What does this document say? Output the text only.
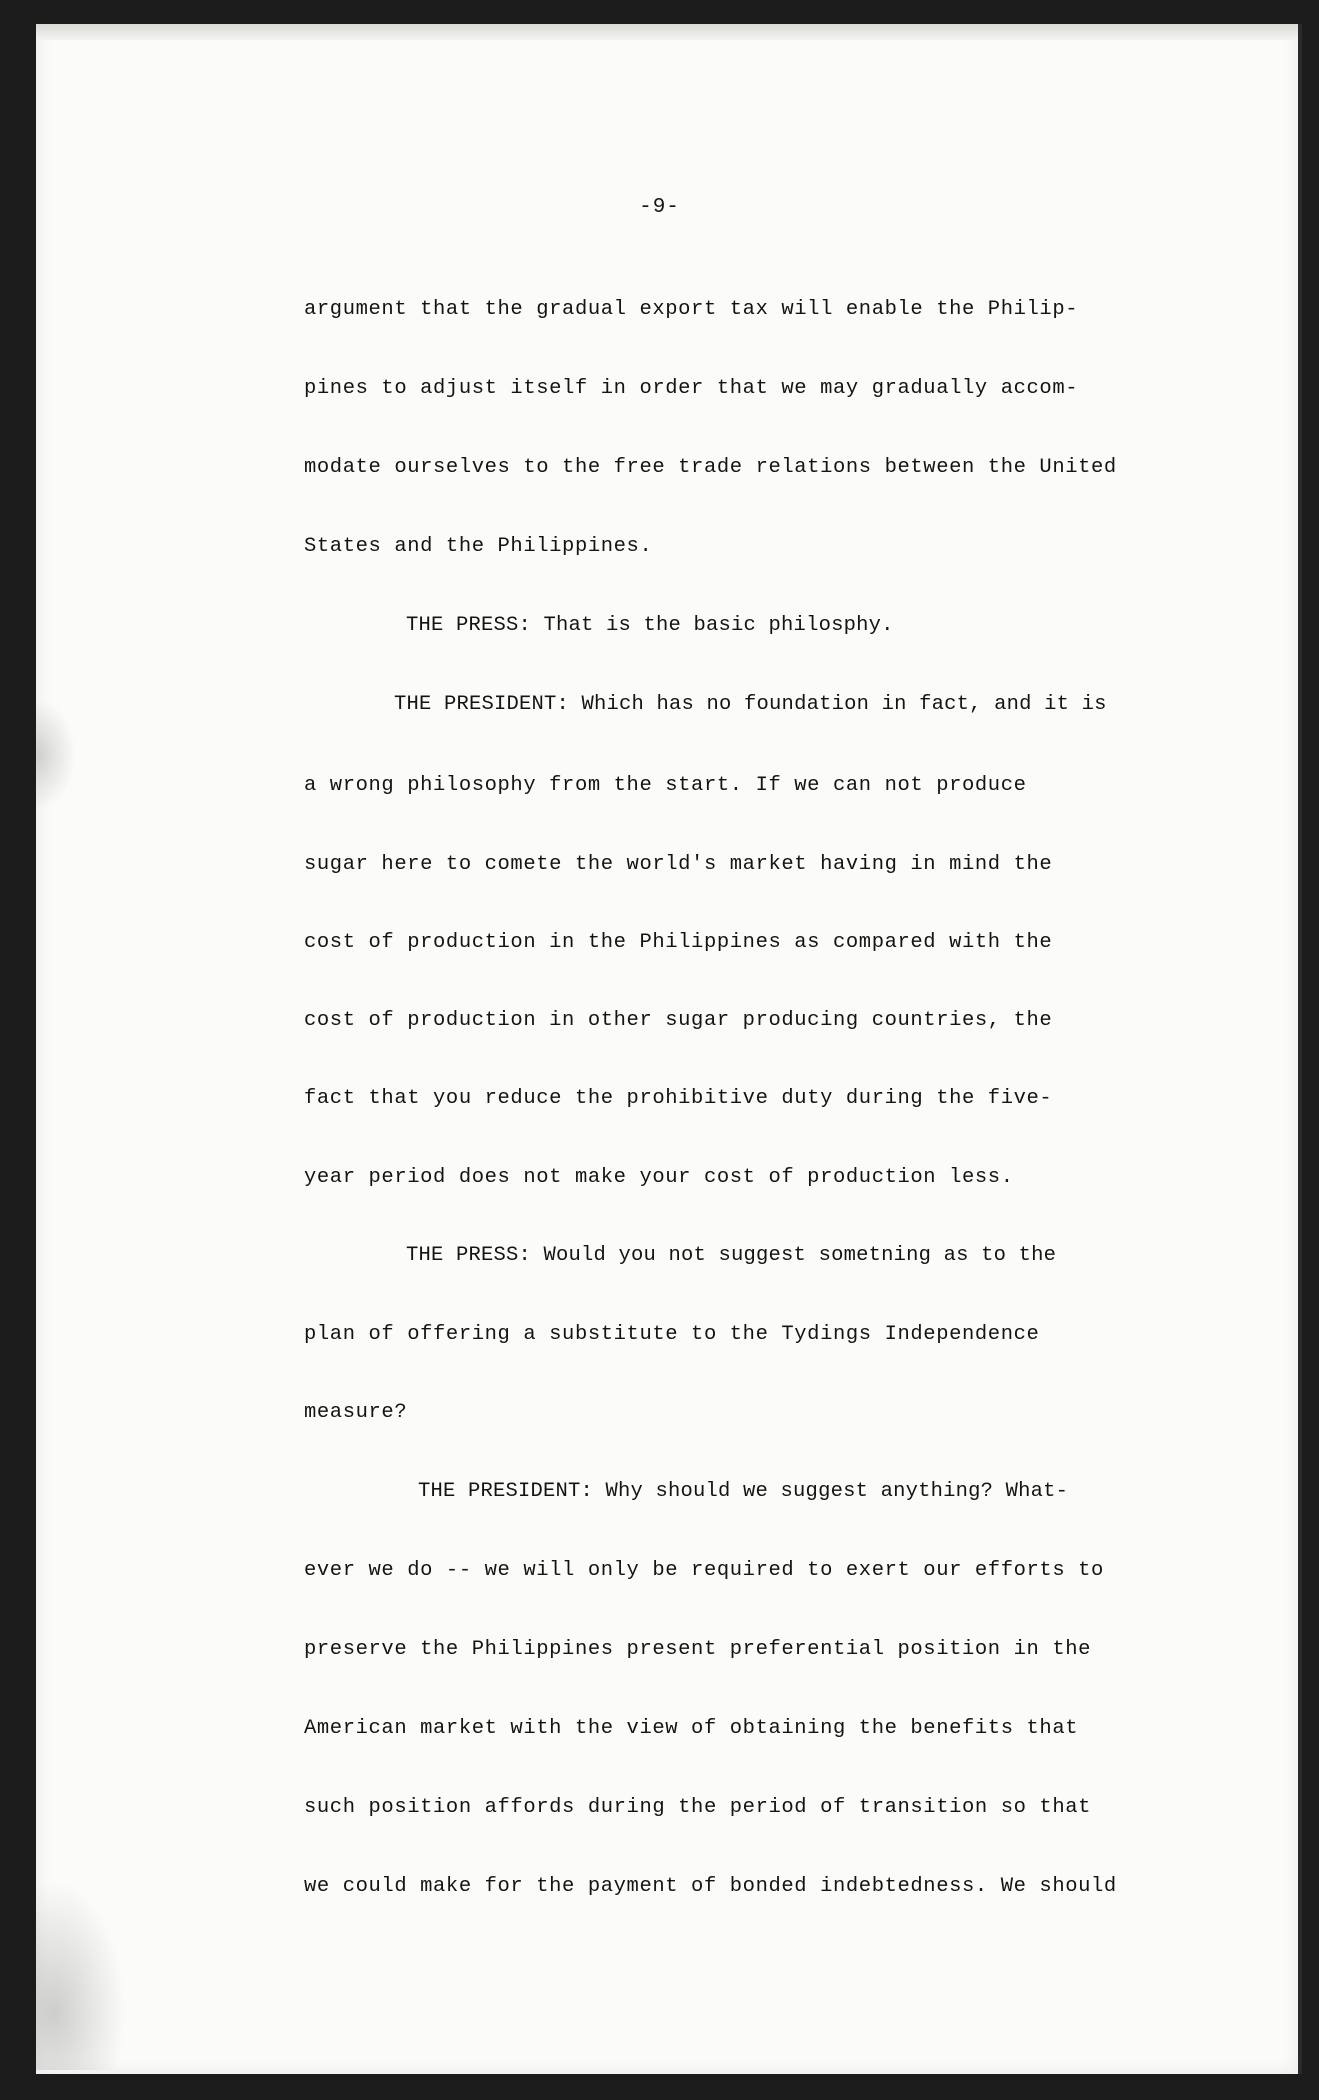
-9-
argument that the gradual export tax will enable the Philip-
pines to adjust itself in order that we may gradually accom-
modate ourselves to the free trade relations between the United
States and the Philippines.
THE PRESS: That is the basic philosphy.
THE PRESIDENT: Which has no foundation in fact, and it is
a wrong philosophy from the start. If we can not produce
sugar here to comete the world's market having in mind the
cost of production in the Philippines as compared with the
cost of production in other sugar producing countries, the
fact that you reduce the prohibitive duty during the five-
year period does not make your cost of production less.
THE PRESS: Would you not suggest sometning as to the
plan of offering a substitute to the Tydings Independence
measure?
THE PRESIDENT: Why should we suggest anything? What-
ever we do -- we will only be required to exert our efforts to
preserve the Philippines present preferential position in the
American market with the view of obtaining the benefits that
such position affords during the period of transition so that
we could make for the payment of bonded indebtedness. We should
